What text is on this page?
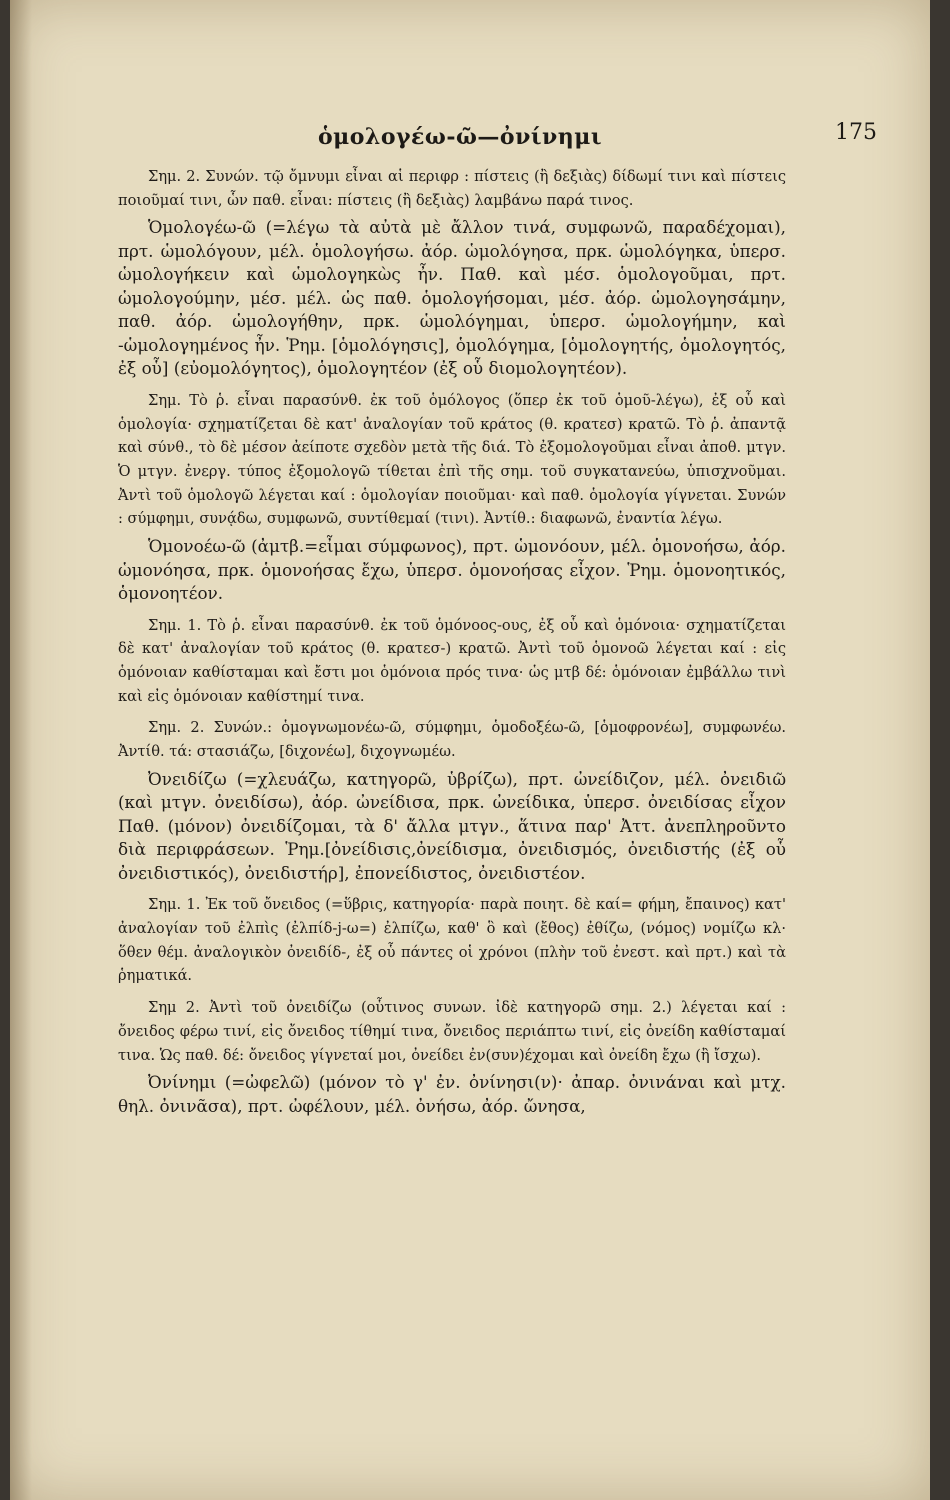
ὁμολογέω-ῶ—ὀνίνημι	175

Σημ. 2. Συνών. τῷ ὄμνυμι εἶναι αἱ περιφρ : πίστεις (ἢ δεξιὰς) δίδωμί τινι καὶ πίστεις ποιοῦμαί τινι, ὧν παθ. εἶναι: πίστεις (ἢ δεξιὰς) λαμβάνω παρά τινος.

Ὁμολογέω-ῶ (=λέγω τὰ αὐτὰ μὲ ἄλλον τινά, συμφωνῶ, παραδέχομαι), πρτ. ὡμολόγουν, μέλ. ὁμολογήσω. ἀόρ. ὡμολόγησα, πρκ. ὡμολόγηκα, ὑπερσ. ὡμολογήκειν καὶ ὡμολογηκὼς ἦν. Παθ. καὶ μέσ. ὁμολογοῦμαι, πρτ. ὡμολογούμην, μέσ. μέλ. ὡς παθ. ὁμολογήσομαι, μέσ. ἀόρ. ὡμολογησάμην, παθ. ἀόρ. ὡμολογήθην, πρκ. ὡμολόγημαι, ὑπερσ. ὡμολογήμην, καὶ -ὡμολογημένος ἦν. Ῥημ. [ὁμολόγησις], ὁμολόγημα, [ὁμολογητής, ὁμολογητός, ἐξ οὗ] (εὐομολόγητος), ὁμολογητέον (ἐξ οὗ διομολογητέον).

Σημ. Τὸ ῥ. εἶναι παρασύνθ. ἐκ τοῦ ὁμόλογος (ὅπερ ἐκ τοῦ ὁμοῦ-λέγω), ἐξ οὗ καὶ ὁμολογία· σχηματίζεται δὲ κατ' ἀναλογίαν τοῦ κράτος (θ. κρατεσ) κρατῶ. Τὸ ῥ. ἀπαντᾷ καὶ σύνθ., τὸ δὲ μέσον ἀείποτε σχεδὸν μετὰ τῆς διά. Τὸ ἐξομολογοῦμαι εἶναι ἀποθ. μτγν. Ὁ μτγν. ἐνεργ. τύπος ἐξομολογῶ τίθεται ἐπὶ τῆς σημ. τοῦ συγκατανεύω, ὑπισχνοῦμαι. Ἀντὶ τοῦ ὁμολογῶ λέγεται καί : ὁμολογίαν ποιοῦμαι· καὶ παθ. ὁμολογία γίγνεται. Συνών : σύμφημι, συνᾴδω, συμφωνῶ, συντίθεμαί (τινι). Ἀντίθ.: διαφωνῶ, ἐναντία λέγω.

Ὁμονοέω-ῶ (ἀμτβ.=εἶμαι σύμφωνος), πρτ. ὡμονόουν, μέλ. ὁμονοήσω, ἀόρ. ὡμονόησα, πρκ. ὁμονοήσας ἔχω, ὑπερσ. ὁμονοήσας εἶχον. Ῥημ. ὁμονοητικός, ὁμονοητέον.

Σημ. 1. Τὸ ῥ. εἶναι παρασύνθ. ἐκ τοῦ ὁμόνοος-ους, ἐξ οὗ καὶ ὁμόνοια· σχηματίζεται δὲ κατ' ἀναλογίαν τοῦ κράτος (θ. κρατεσ-) κρατῶ. Ἀντὶ τοῦ ὁμονοῶ λέγεται καί : εἰς ὁμόνοιαν καθίσταμαι καὶ ἔστι μοι ὁμόνοια πρός τινα· ὡς μτβ δέ: ὁμόνοιαν ἐμβάλλω τινὶ καὶ εἰς ὁμόνοιαν καθίστημί τινα.

Σημ. 2. Συνών.: ὁμογνωμονέω-ῶ, σύμφημι, ὁμοδοξέω-ῶ, [ὁμοφρονέω], συμφωνέω. Ἀντίθ. τά: στασιάζω, [διχονέω], διχογνωμέω.

Ὀνειδίζω (=χλευάζω, κατηγορῶ, ὑβρίζω), πρτ. ὠνείδιζον, μέλ. ὀνειδιῶ (καὶ μτγν. ὀνειδίσω), ἀόρ. ὠνείδισα, πρκ. ὠνείδικα, ὑπερσ. ὀνειδίσας εἶχον Παθ. (μόνον) ὀνειδίζομαι, τὰ δ' ἄλλα μτγν., ἅτινα παρ' Ἀττ. ἀνεπληροῦντο διὰ περιφράσεων. Ῥημ.[ὀνείδισις,ὀνείδισμα, ὀνειδισμός, ὀνειδιστής (ἐξ οὗ ὀνειδιστικός), ὀνειδιστήρ], ἐπονείδιστος, ὀνειδιστέον.

Σημ. 1. Ἐκ τοῦ ὄνειδος (=ὕβρις, κατηγορία· παρὰ ποιητ. δὲ καί= φήμη, ἔπαινος) κατ' ἀναλογίαν τοῦ ἐλπὶς (ἐλπίδ-j-ω=) ἐλπίζω, καθ' ὃ καὶ (ἔθος) ἐθίζω, (νόμος) νομίζω κλ· ὅθεν θέμ. ἀναλογικὸν ὀνειδίδ-, ἐξ οὗ πάντες οἱ χρόνοι (πλὴν τοῦ ἐνεστ. καὶ πρτ.) καὶ τὰ ῥηματικά.

Σημ 2. Ἀντὶ τοῦ ὀνειδίζω (οὗτινος συνων. ἰδὲ κατηγορῶ σημ. 2.) λέγεται καί : ὄνειδος φέρω τινί, εἰς ὄνειδος τίθημί τινα, ὄνειδος περιάπτω τινί, εἰς ὀνείδη καθίσταμαί τινα. Ὡς παθ. δέ: ὄνειδος γίγνεταί μοι, ὀνείδει ἐν(συν)έχομαι καὶ ὀνείδη ἔχω (ἢ ἴσχω).

Ὀνίνημι (=ὠφελῶ) (μόνον τὸ γ' ἐν. ὀνίνησι(ν)· ἀπαρ. ὀνινάναι καὶ μτχ. θηλ. ὀνινᾶσα), πρτ. ὠφέλουν, μέλ. ὀνήσω, ἀόρ. ὤνησα,
